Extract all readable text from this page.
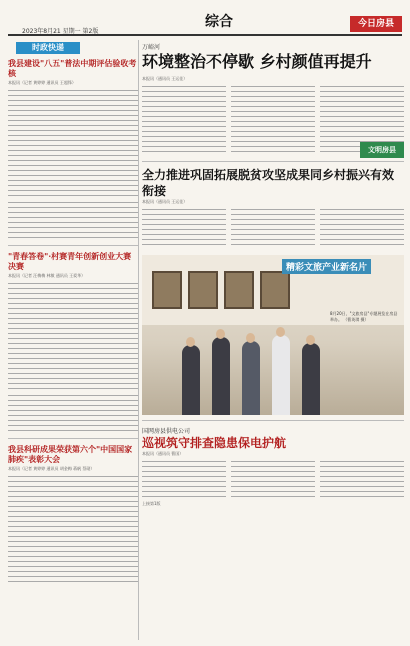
2023年8月21 星期一 第2版
综合	今日房县
时政快递
我县建设"八五"普法中期评估验收考核
本报讯（记者 黄婷婷 通讯员 王超锋）
"青春答卷"·村赛青年创新创业大赛决赛
本报讯（记者 汪梅梅 林敏 通讯员 王爱华）
我县科研成果荣获第六个"中国国家肺疾"表彰大会
本报讯（记者 黄婷婷 通讯员 胡金梅 蒋帆 蔡勋）
万峪河
环境整治不停歇 乡村颜值再提升
本报讯（通讯员 王运佳）
全力推进巩固拓展脱贫攻坚成果同乡村振兴有效衔接
本报讯（通讯员 王运佳）
精彩文旅产业新名片
8月20日，"文旅房县"专题展览在房县举办。 （曹英琪 摄）
国网房县供电公司
巡视筑守排查隐患保电护航
本报讯（通讯员 曹国）
上接第1版
文明房县
